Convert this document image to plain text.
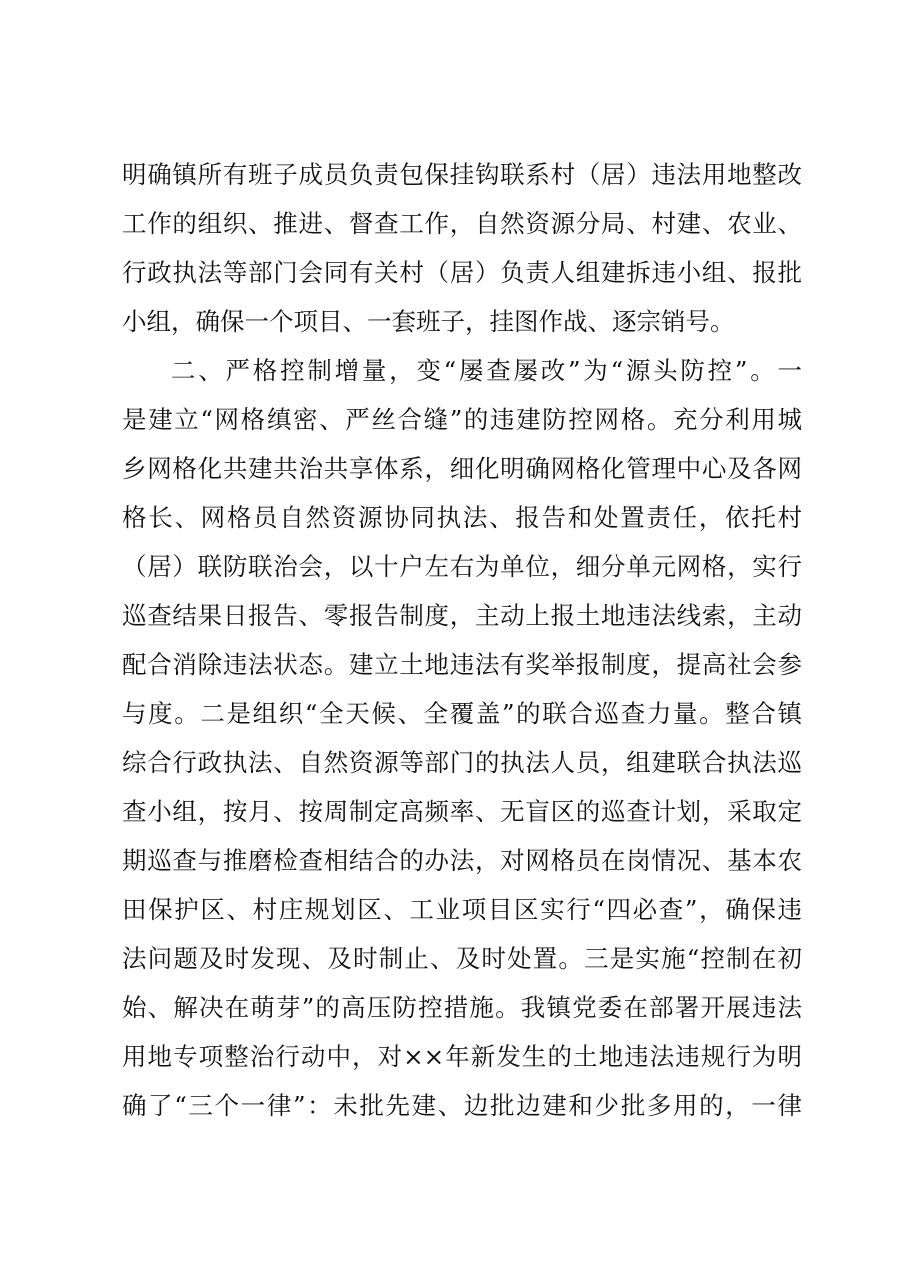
明确镇所有班子成员负责包保挂钩联系村（居）违法用地整改
工作的组织、推进、督查工作，自然资源分局、村建、农业、
行政执法等部门会同有关村（居）负责人组建拆违小组、报批
小组，确保一个项目、一套班子，挂图作战、逐宗销号。
二、严格控制增量，变“屡查屡改”为“源头防控”。一
是建立“网格缜密、严丝合缝”的违建防控网格。充分利用城
乡网格化共建共治共享体系，细化明确网格化管理中心及各网
格长、网格员自然资源协同执法、报告和处置责任，依托村
（居）联防联治会，以十户左右为单位，细分单元网格，实行
巡查结果日报告、零报告制度，主动上报土地违法线索，主动
配合消除违法状态。建立土地违法有奖举报制度，提高社会参
与度。二是组织“全天候、全覆盖”的联合巡查力量。整合镇
综合行政执法、自然资源等部门的执法人员，组建联合执法巡
查小组，按月、按周制定高频率、无盲区的巡查计划，采取定
期巡查与推磨检查相结合的办法，对网格员在岗情况、基本农
田保护区、村庄规划区、工业项目区实行“四必查”，确保违
法问题及时发现、及时制止、及时处置。三是实施“控制在初
始、解决在萌芽”的高压防控措施。我镇党委在部署开展违法
用地专项整治行动中，对××年新发生的土地违法违规行为明
确了“三个一律”：未批先建、边批边建和少批多用的，一律
